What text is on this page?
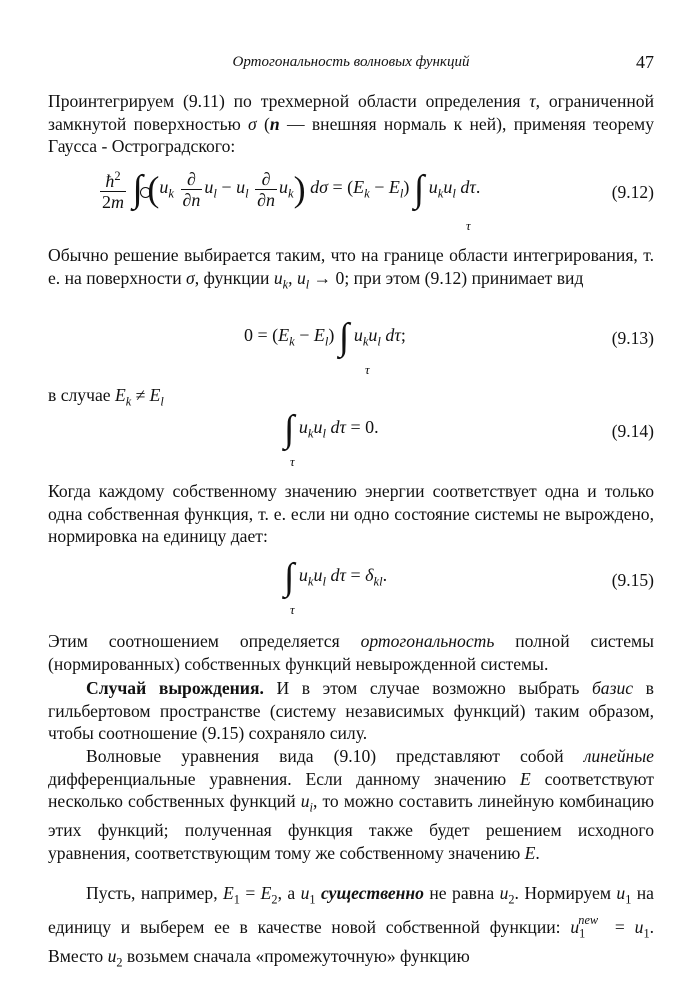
Ортогональность волновых функций	47

Проинтегрируем (9.11) по трехмерной области определения τ, ограниченной замкнутой поверхностью σ (n — внешняя нормаль к ней), применяя теорему Гаусса - Остроградского:

$\frac{ħ^2}{2m}$ ∫ $(u_k \frac{\partial}{\partial n} u_l - u_l \frac{\partial}{\partial n} u_k) d\sigma = (E_k - E_l)$ ∫ $u_ku_l$ dτ.
τ
(9.12)

Обычно решение выбирается таким, что на границе области интегрирования, т. е. на поверхности σ, функции $u_k$, $u_l \to 0$; при этом (9.12) принимает вид

$0 = (E_k - E_l)$ ∫ $u_ku_l$ dτ;
τ
(9.13)

в случае $E_k \ne E_l$

∫ $u_ku_l$ dτ = 0.
τ
(9.14)

Когда каждому собственному значению энергии соответствует одна и только одна собственная функция, т. е. если ни одно состояние системы не вырождено, нормировка на единицу дает:

∫ $u_ku_l$ $d\tau = \delta_{kl}$.
τ
(9.15)

Этим соотношением определяется ортогональность полной системы (нормированных) собственных функций невырожденной системы.

Случай вырождения. И в этом случае возможно выбрать базис в гильбертовом пространстве (систему независимых функций) таким образом, чтобы соотношение (9.15) сохраняло силу.

Волновые уравнения вида (9.10) представляют собой линейные дифференциальные уравнения. Если данному значению E соответствуют несколько собственных функций $u_i$, то можно составить линейную комбинацию этих функций; полученная функция также будет решением исходного уравнения, соответствующим тому же собственному значению E.

Пусть, например, $E_1 = E_2$, а $u_1$ существенно не равна $u_2$. Нормируем $u_1$ на единицу и выберем ее в качестве новой собственной функции: $u_1^{new} = u_1$. Вместо $u_2$ возьмем сначала «промежуточную» функцию
